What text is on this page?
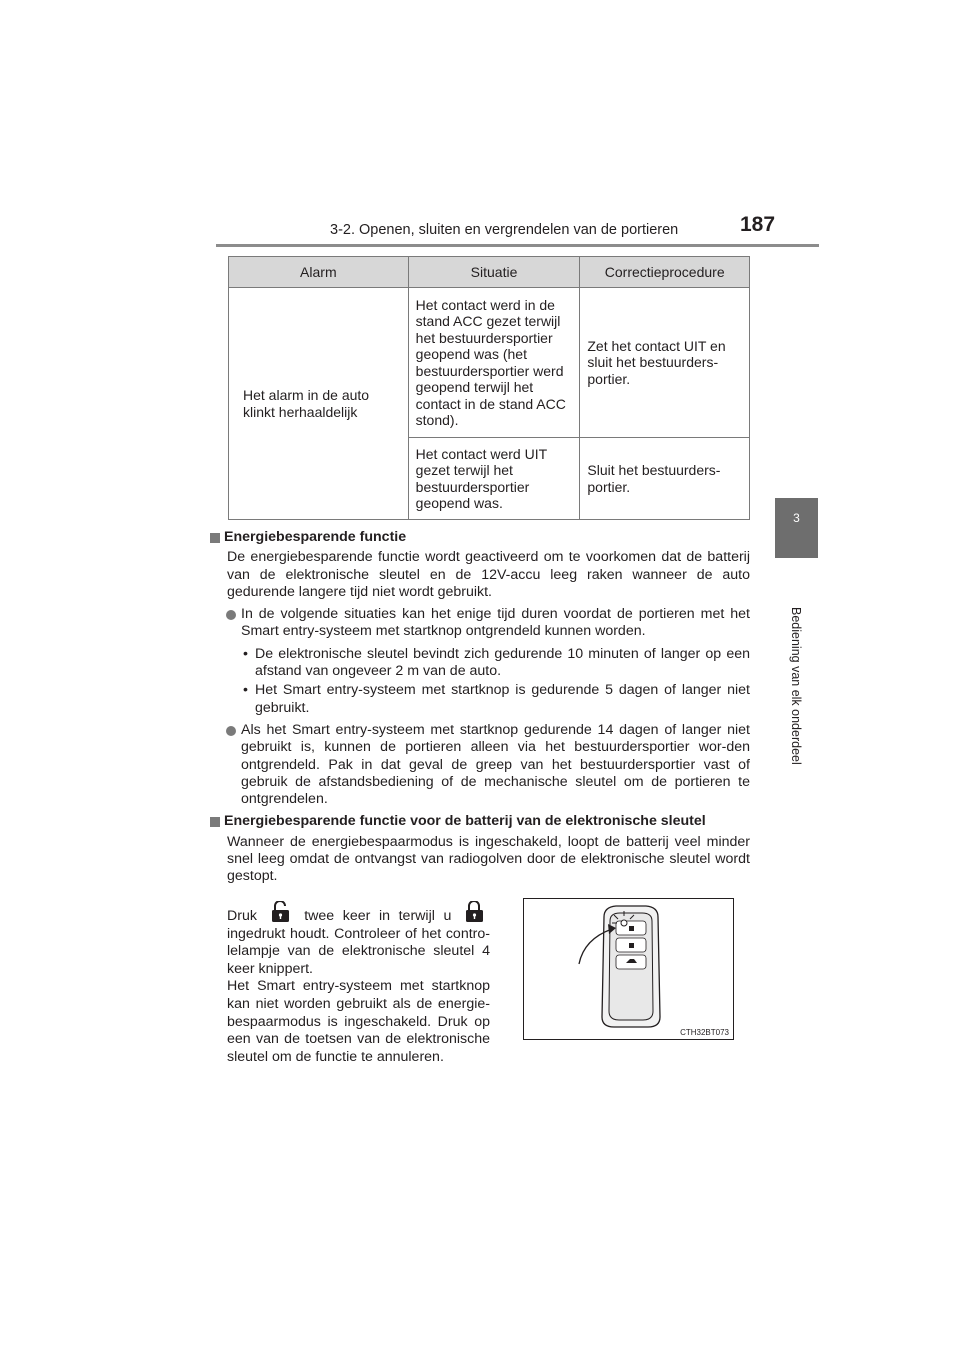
3-2. Openen, sluiten en vergrendelen van de portieren	187
3
Bediening van elk onderdeel
Alarm	Situatie	Correctieprocedure
Het alarm in de auto klinkt herhaaldelijk	Het contact werd in de stand ACC gezet terwijl het bestuurdersportier geopend was (het bestuurdersportier werd geopend terwijl het contact in de stand ACC stond).	Zet het contact UIT en sluit het bestuurders-portier.
	Het contact werd UIT gezet terwijl het bestuurdersportier geopend was.	Sluit het bestuurders-portier.
Energiebesparende functie
De energiebesparende functie wordt geactiveerd om te voorkomen dat de batterij van de elektronische sleutel en de 12V-accu leeg raken wanneer de auto gedurende langere tijd niet wordt gebruikt.
In de volgende situaties kan het enige tijd duren voordat de portieren met het Smart entry-systeem met startknop ontgrendeld kunnen worden.
• De elektronische sleutel bevindt zich gedurende 10 minuten of langer op een afstand van ongeveer 2 m van de auto.
• Het Smart entry-systeem met startknop is gedurende 5 dagen of langer niet gebruikt.
Als het Smart entry-systeem met startknop gedurende 14 dagen of langer niet gebruikt is, kunnen de portieren alleen via het bestuurdersportier wor-den ontgrendeld. Pak in dat geval de greep van het bestuurdersportier vast of gebruik de afstandsbediening of de mechanische sleutel om de portieren te ontgrendelen.
Energiebesparende functie voor de batterij van de elektronische sleutel
Wanneer de energiebespaarmodus is ingeschakeld, loopt de batterij veel minder snel leeg omdat de ontvangst van radiogolven door de elektronische sleutel wordt gestopt.
Druk	twee keer in terwijl u  ingedrukt houdt. Controleer of het contro-lelampje van de elektronische sleutel 4 keer knippert.
Het Smart entry-systeem met startknop kan niet worden gebruikt als de energie-bespaarmodus is ingeschakeld. Druk op een van de toetsen van de elektronische sleutel om de functie te annuleren.
CTH32BT073
